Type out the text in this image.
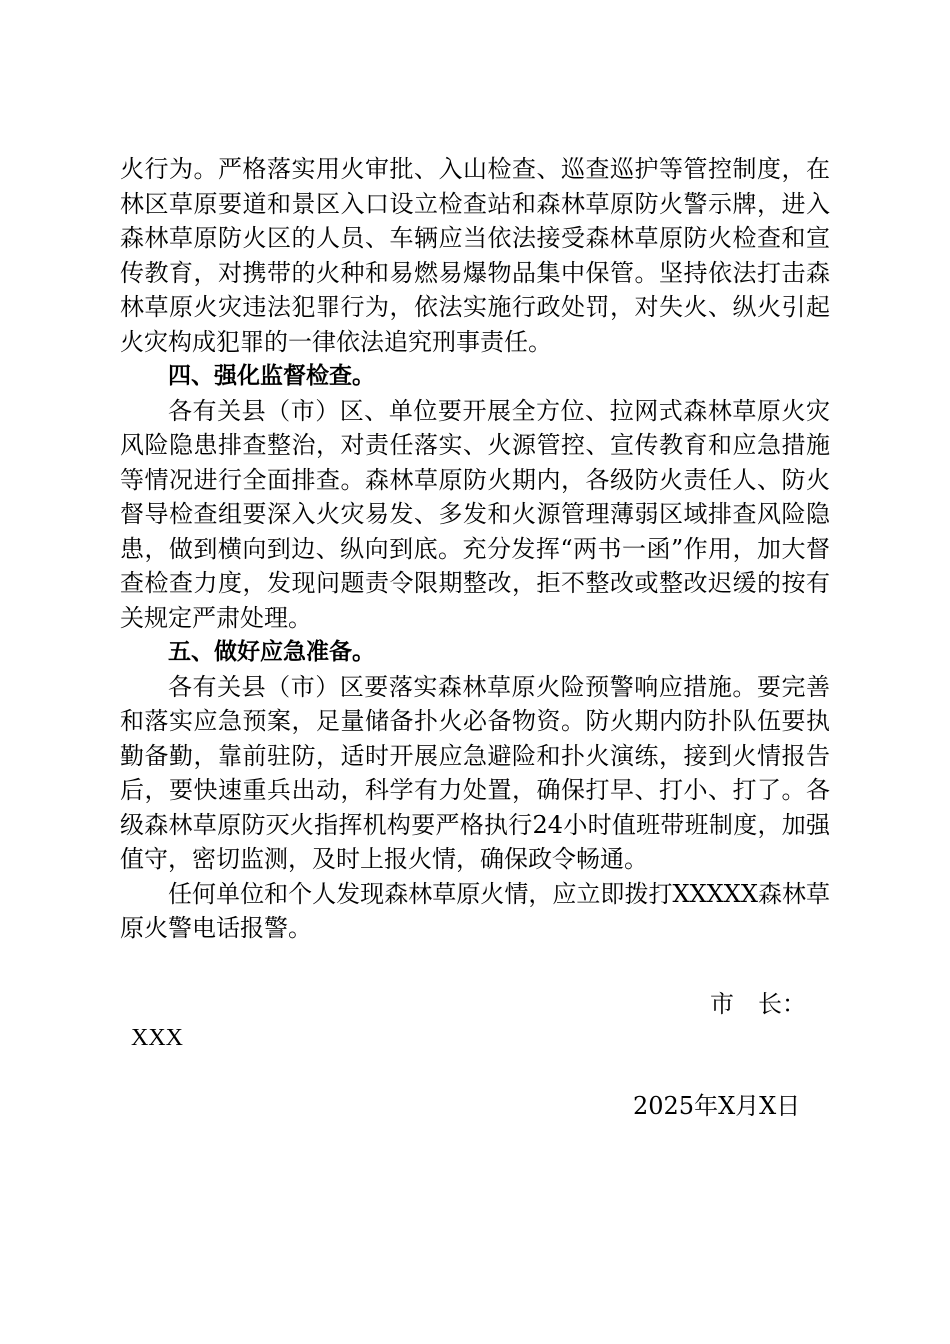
火行为。严格落实用火审批、入山检查、巡查巡护等管控制度，在林区草原要道和景区入口设立检查站和森林草原防火警示牌，进入森林草原防火区的人员、车辆应当依法接受森林草原防火检查和宣传教育，对携带的火种和易燃易爆物品集中保管。坚持依法打击森林草原火灾违法犯罪行为，依法实施行政处罚，对失火、纵火引起火灾构成犯罪的一律依法追究刑事责任。

四、强化监督检查。

各有关县（市）区、单位要开展全方位、拉网式森林草原火灾风险隐患排查整治，对责任落实、火源管控、宣传教育和应急措施等情况进行全面排查。森林草原防火期内，各级防火责任人、防火督导检查组要深入火灾易发、多发和火源管理薄弱区域排查风险隐患，做到横向到边、纵向到底。充分发挥“两书一函”作用，加大督查检查力度，发现问题责令限期整改，拒不整改或整改迟缓的按有关规定严肃处理。

五、做好应急准备。

各有关县（市）区要落实森林草原火险预警响应措施。要完善和落实应急预案，足量储备扑火必备物资。防火期内防扑队伍要执勤备勤，靠前驻防，适时开展应急避险和扑火演练，接到火情报告后，要快速重兵出动，科学有力处置，确保打早、打小、打了。各级森林草原防灭火指挥机构要严格执行24小时值班带班制度，加强值守，密切监测，及时上报火情，确保政令畅通。

任何单位和个人发现森林草原火情，应立即拨打XXXXX森林草原火警电话报警。

市 长：
XXX
2025年X月X日
